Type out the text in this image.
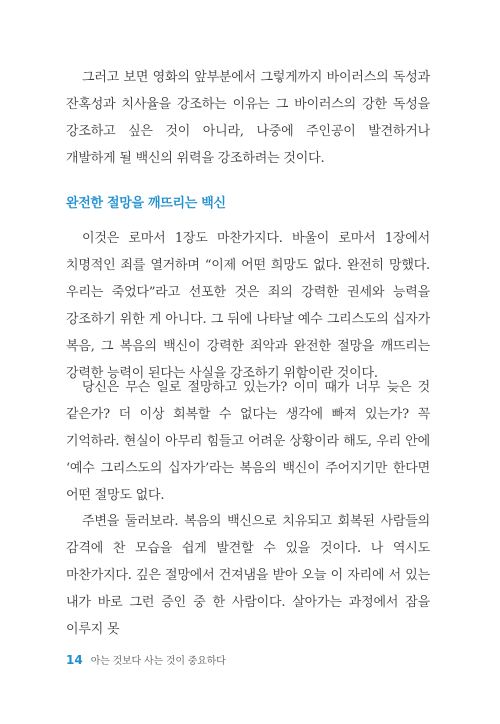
그러고 보면 영화의 앞부분에서 그렇게까지 바이러스의 독성과 잔혹성과 치사율을 강조하는 이유는 그 바이러스의 강한 독성을 강조하고 싶은 것이 아니라, 나중에 주인공이 발견하거나 개발하게 될 백신의 위력을 강조하려는 것이다.

완전한 절망을 깨뜨리는 백신

이것은 로마서 1장도 마찬가지다. 바울이 로마서 1장에서 치명적인 죄를 열거하며 “이제 어떤 희망도 없다. 완전히 망했다. 우리는 죽었다”라고 선포한 것은 죄의 강력한 권세와 능력을 강조하기 위한 게 아니다. 그 뒤에 나타날 예수 그리스도의 십자가 복음, 그 복음의 백신이 강력한 죄악과 완전한 절망을 깨뜨리는 강력한 능력이 된다는 사실을 강조하기 위함이란 것이다.

당신은 무슨 일로 절망하고 있는가? 이미 때가 너무 늦은 것 같은가? 더 이상 회복할 수 없다는 생각에 빠져 있는가? 꼭 기억하라. 현실이 아무리 힘들고 어려운 상황이라 해도, 우리 안에 ‘예수 그리스도의 십자가’라는 복음의 백신이 주어지기만 한다면 어떤 절망도 없다.

주변을 둘러보라. 복음의 백신으로 치유되고 회복된 사람들의 감격에 찬 모습을 쉽게 발견할 수 있을 것이다. 나 역시도 마찬가지다. 깊은 절망에서 건져냄을 받아 오늘 이 자리에 서 있는 내가 바로 그런 증인 중 한 사람이다. 살아가는 과정에서 잠을 이루지 못

14 아는 것보다 사는 것이 중요하다
